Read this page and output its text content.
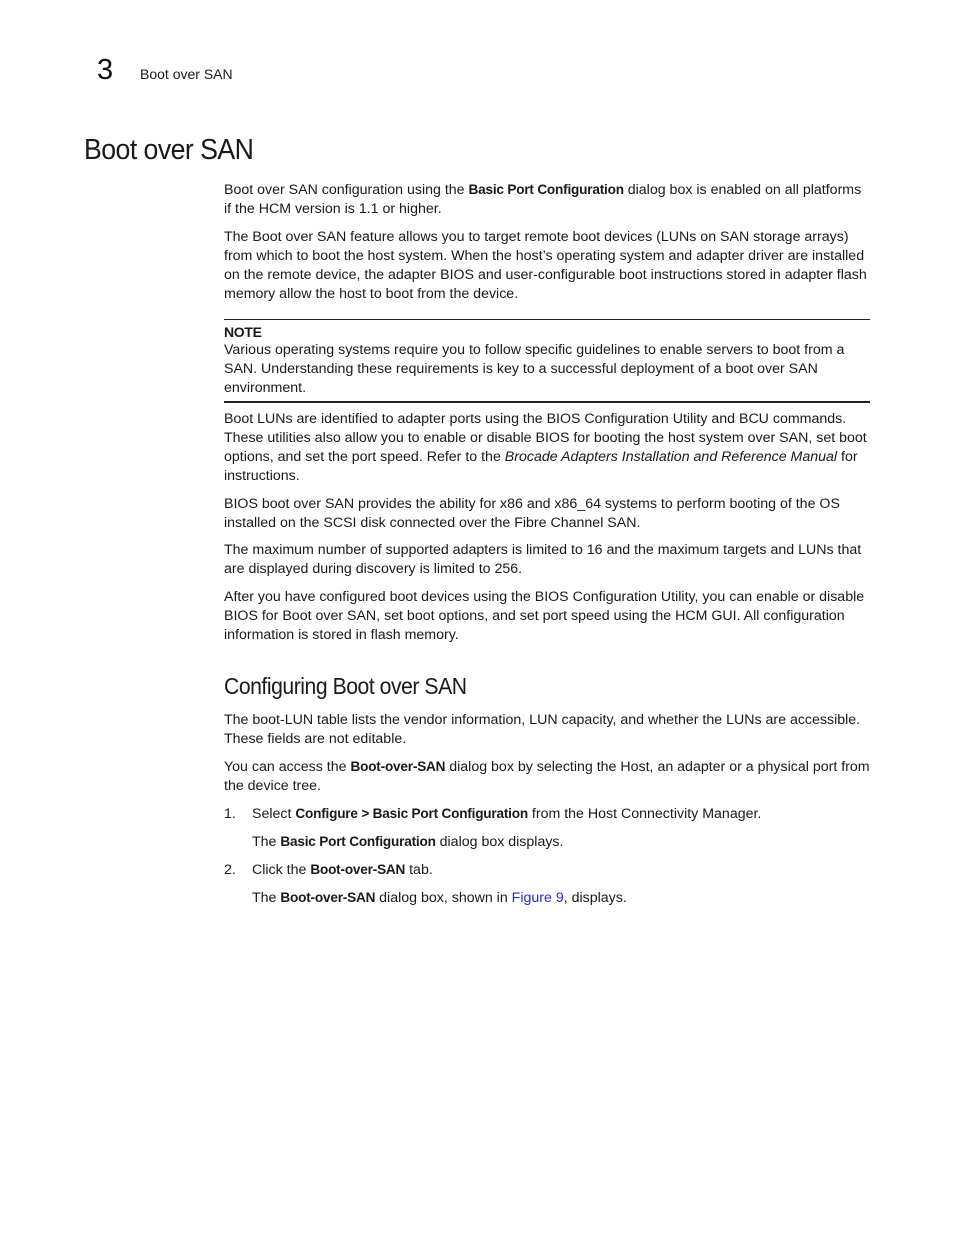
3 Boot over SAN
Boot over SAN

Boot over SAN configuration using the Basic Port Configuration dialog box is enabled on all platforms if the HCM version is 1.1 or higher.

The Boot over SAN feature allows you to target remote boot devices (LUNs on SAN storage arrays) from which to boot the host system. When the host’s operating system and adapter driver are installed on the remote device, the adapter BIOS and user-configurable boot instructions stored in adapter flash memory allow the host to boot from the device.

NOTE
Various operating systems require you to follow specific guidelines to enable servers to boot from a SAN. Understanding these requirements is key to a successful deployment of a boot over SAN environment.

Boot LUNs are identified to adapter ports using the BIOS Configuration Utility and BCU commands. These utilities also allow you to enable or disable BIOS for booting the host system over SAN, set boot options, and set the port speed. Refer to the Brocade Adapters Installation and Reference Manual for instructions.

BIOS boot over SAN provides the ability for x86 and x86_64 systems to perform booting of the OS installed on the SCSI disk connected over the Fibre Channel SAN.

The maximum number of supported adapters is limited to 16 and the maximum targets and LUNs that are displayed during discovery is limited to 256.

After you have configured boot devices using the BIOS Configuration Utility, you can enable or disable BIOS for Boot over SAN, set boot options, and set port speed using the HCM GUI. All configuration information is stored in flash memory.

Configuring Boot over SAN

The boot-LUN table lists the vendor information, LUN capacity, and whether the LUNs are accessible. These fields are not editable.

You can access the Boot-over-SAN dialog box by selecting the Host, an adapter or a physical port from the device tree.

1. Select Configure > Basic Port Configuration from the Host Connectivity Manager.
The Basic Port Configuration dialog box displays.
2. Click the Boot-over-SAN tab.
The Boot-over-SAN dialog box, shown in Figure 9, displays.
